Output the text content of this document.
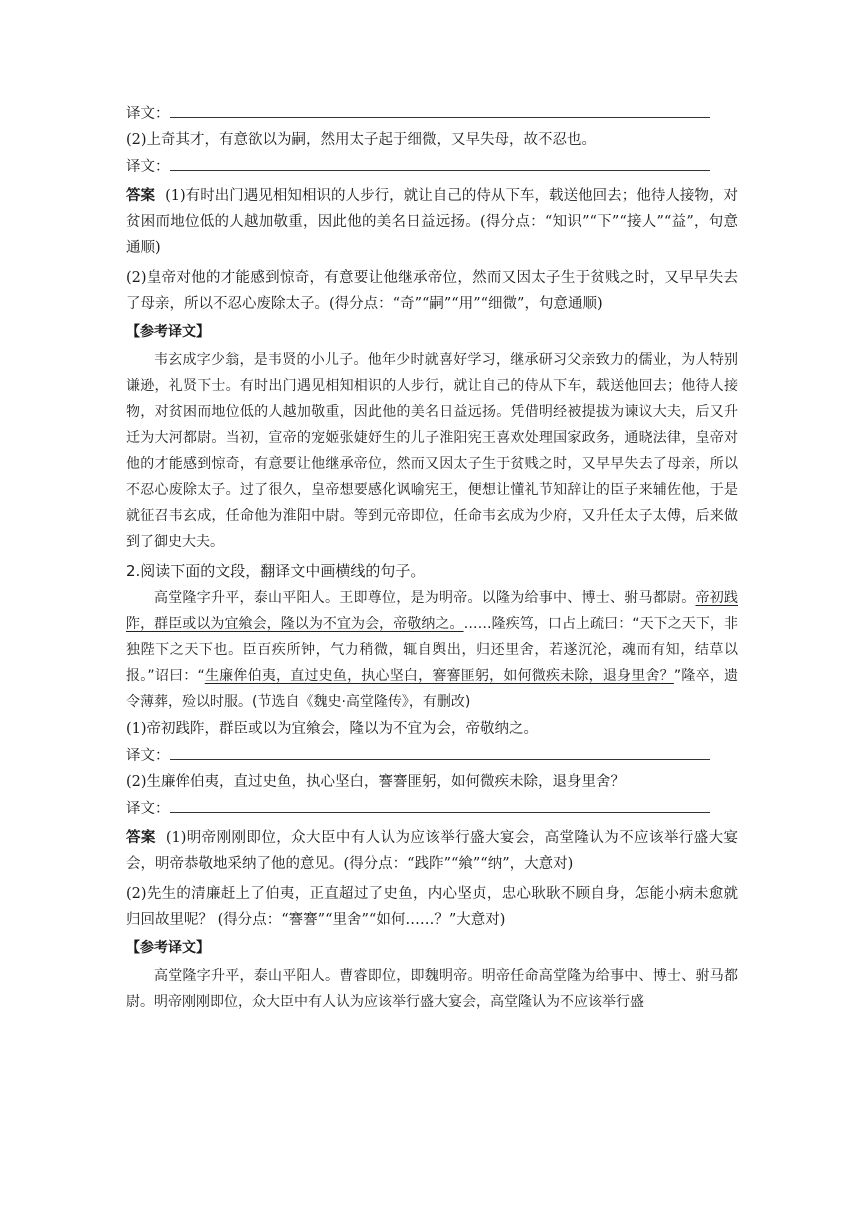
译文：
(2)上奇其才，有意欲以为嗣，然用太子起于细微，又早失母，故不忍也。
译文：
答案 (1)有时出门遇见相知相识的人步行，就让自己的侍从下车，载送他回去；他待人接物，对贫困而地位低的人越加敬重，因此他的美名日益远扬。(得分点：“知识”“下”“接人”“益”，句意通顺)
(2)皇帝对他的才能感到惊奇，有意要让他继承帝位，然而又因太子生于贫贱之时，又早早失去了母亲，所以不忍心废除太子。(得分点：“奇”“嗣”“用”“细微”，句意通顺)
【参考译文】
韦玄成字少翁，是韦贤的小儿子。他年少时就喜好学习，继承研习父亲致力的儒业，为人特别谦逊，礼贤下士。有时出门遇见相知相识的人步行，就让自己的侍从下车，载送他回去；他待人接物，对贫困而地位低的人越加敬重，因此他的美名日益远扬。凭借明经被提拔为谏议大夫，后又升迁为大河都尉。当初，宣帝的宠姬张婕妤生的儿子淮阳宪王喜欢处理国家政务，通晓法律，皇帝对他的才能感到惊奇，有意要让他继承帝位，然而又因太子生于贫贱之时，又早早失去了母亲，所以不忍心废除太子。过了很久，皇帝想要感化讽喻宪王，便想让懂礼节知辞让的臣子来辅佐他，于是就征召韦玄成，任命他为淮阳中尉。等到元帝即位，任命韦玄成为少府，又升任太子太傅，后来做到了御史大夫。
2.阅读下面的文段，翻译文中画横线的句子。
高堂隆字升平，泰山平阳人。王即尊位，是为明帝。以隆为给事中、博士、驸马都尉。帝初践阼，群臣或以为宜飨会，隆以为不宜为会，帝敬纳之。……隆疾笃，口占上疏曰：“天下之天下，非独陛下之天下也。臣百疾所钟，气力稍微，辄自舆出，归还里舍，若遂沉沦，魂而有知，结草以报。”诏曰：“生廉侔伯夷，直过史鱼，执心坚白，謇謇匪躬，如何微疾未除，退身里舍？”隆卒，遗令薄葬，殓以时服。(节选自《魏史·高堂隆传》，有删改)
(1)帝初践阼，群臣或以为宜飨会，隆以为不宜为会，帝敬纳之。
译文：
(2)生廉侔伯夷，直过史鱼，执心坚白，謇謇匪躬，如何微疾未除，退身里舍？
译文：
答案 (1)明帝刚刚即位，众大臣中有人认为应该举行盛大宴会，高堂隆认为不应该举行盛大宴会，明帝恭敬地采纳了他的意见。(得分点：“践阼”“飨”“纳”，大意对)
(2)先生的清廉赶上了伯夷，正直超过了史鱼，内心坚贞，忠心耿耿不顾自身，怎能小病未愈就归回故里呢？ (得分点：“謇謇”“里舍”“如何……？”大意对)
【参考译文】
高堂隆字升平，泰山平阳人。曹睿即位，即魏明帝。明帝任命高堂隆为给事中、博士、驸马都尉。明帝刚刚即位，众大臣中有人认为应该举行盛大宴会，高堂隆认为不应该举行盛
